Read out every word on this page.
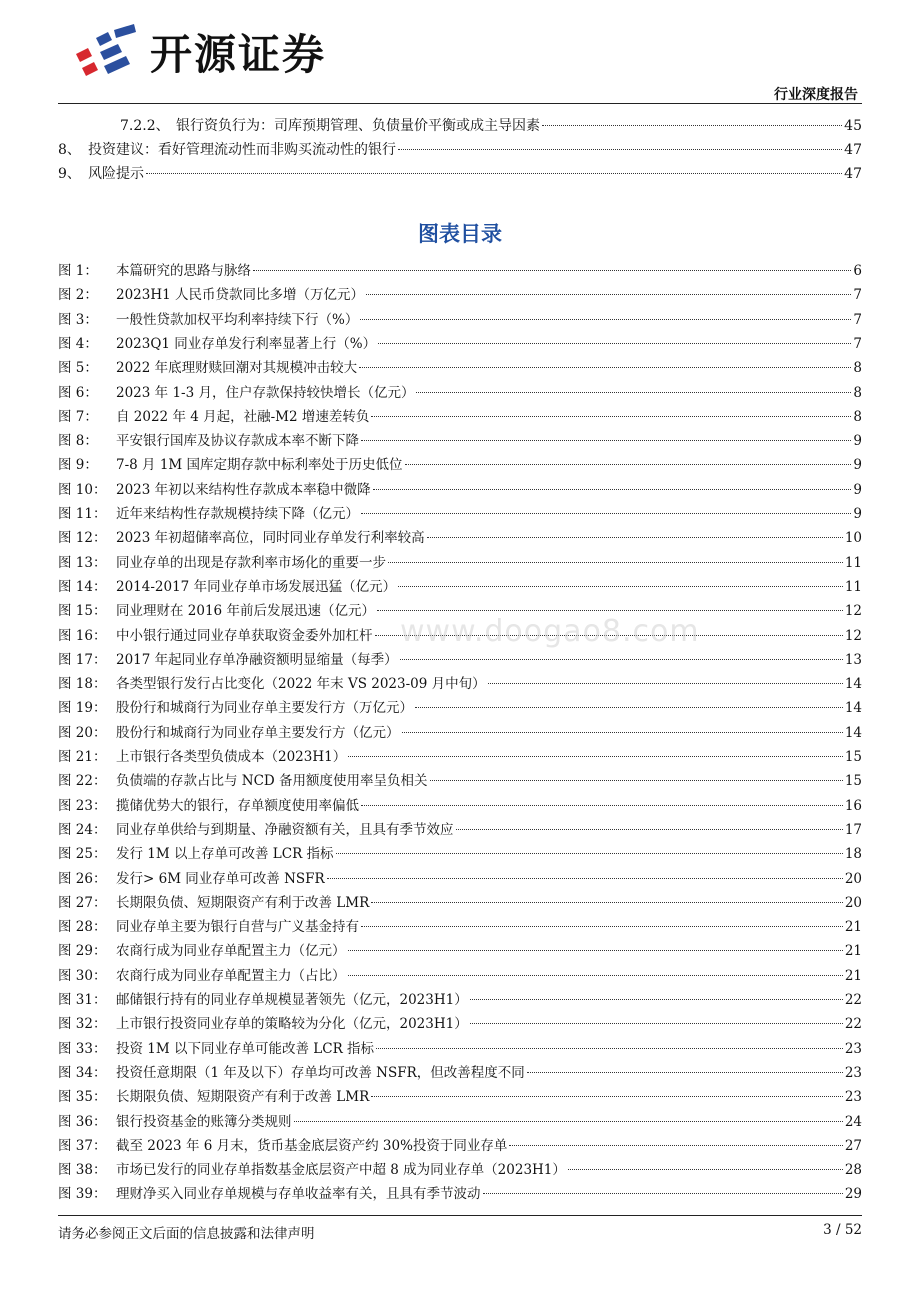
开源证券
行业深度报告
7.2.2、 银行资负行为：司库预期管理、负债量价平衡或成主导因素	45
8、 投资建议：看好管理流动性而非购买流动性的银行	47
9、 风险提示	47
图表目录
图 1：	本篇研究的思路与脉络	6
图 2：	2023H1 人民币贷款同比多增（万亿元）	7
图 3：	一般性贷款加权平均利率持续下行（%）	7
图 4：	2023Q1 同业存单发行利率显著上行（%）	7
图 5：	2022 年底理财赎回潮对其规模冲击较大	8
图 6：	2023 年 1-3 月，住户存款保持较快增长（亿元）	8
图 7：	自 2022 年 4 月起，社融-M2 增速差转负	8
图 8：	平安银行国库及协议存款成本率不断下降	9
图 9：	7-8 月 1M 国库定期存款中标利率处于历史低位	9
图 10： 2023 年初以来结构性存款成本率稳中微降	9
图 11： 近年来结构性存款规模持续下降（亿元）	9
图 12： 2023 年初超储率高位，同时同业存单发行利率较高	10
图 13： 同业存单的出现是存款利率市场化的重要一步	11
图 14： 2014-2017 年同业存单市场发展迅猛（亿元）	11
图 15： 同业理财在 2016 年前后发展迅速（亿元）	12
图 16： 中小银行通过同业存单获取资金委外加杠杆	12
图 17： 2017 年起同业存单净融资额明显缩量（每季）	13
图 18： 各类型银行发行占比变化（2022 年末 VS 2023-09 月中旬）	14
图 19： 股份行和城商行为同业存单主要发行方（万亿元）	14
图 20： 股份行和城商行为同业存单主要发行方（亿元）	14
图 21： 上市银行各类型负债成本（2023H1）	15
图 22： 负债端的存款占比与 NCD 备用额度使用率呈负相关	15
图 23： 揽储优势大的银行，存单额度使用率偏低	16
图 24： 同业存单供给与到期量、净融资额有关，且具有季节效应	17
图 25： 发行 1M 以上存单可改善 LCR 指标	18
图 26： 发行> 6M 同业存单可改善 NSFR	20
图 27： 长期限负债、短期限资产有利于改善 LMR	20
图 28： 同业存单主要为银行自营与广义基金持有	21
图 29： 农商行成为同业存单配置主力（亿元）	21
图 30： 农商行成为同业存单配置主力（占比）	21
图 31： 邮储银行持有的同业存单规模显著领先（亿元，2023H1）	22
图 32： 上市银行投资同业存单的策略较为分化（亿元，2023H1）	22
图 33： 投资 1M 以下同业存单可能改善 LCR 指标	23
图 34： 投资任意期限（1 年及以下）存单均可改善 NSFR，但改善程度不同	23
图 35： 长期限负债、短期限资产有利于改善 LMR	23
图 36： 银行投资基金的账簿分类规则	24
图 37： 截至 2023 年 6 月末，货币基金底层资产约 30%投资于同业存单	27
图 38： 市场已发行的同业存单指数基金底层资产中超 8 成为同业存单（2023H1）	28
图 39： 理财净买入同业存单规模与存单收益率有关，且具有季节波动	29
www.doogao8.com
请务必参阅正文后面的信息披露和法律声明	3 / 52
